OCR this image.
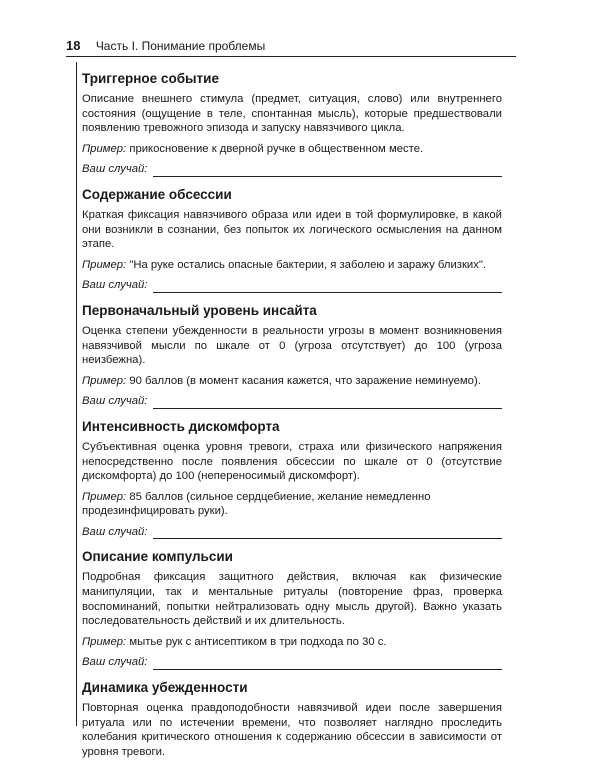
18 Часть I. Понимание проблемы
Триггерное событие
Описание внешнего стимула (предмет, ситуация, слово) или внутреннего состояния (ощущение в теле, спонтанная мысль), которые предшествовали появлению тревожного эпизода и запуску навязчивого цикла.
Пример: прикосновение к дверной ручке в общественном месте.
Ваш случай:
Содержание обсессии
Краткая фиксация навязчивого образа или идеи в той формулировке, в какой они возникли в сознании, без попыток их логического осмысления на данном этапе.
Пример: "На руке остались опасные бактерии, я заболею и заражу близких".
Ваш случай:
Первоначальный уровень инсайта
Оценка степени убежденности в реальности угрозы в момент возникновения навязчивой мысли по шкале от 0 (угроза отсутствует) до 100 (угроза неизбежна).
Пример: 90 баллов (в момент касания кажется, что заражение неминуемо).
Ваш случай:
Интенсивность дискомфорта
Субъективная оценка уровня тревоги, страха или физического напряжения непосредственно после появления обсессии по шкале от 0 (отсутствие дискомфорта) до 100 (непереносимый дискомфорт).
Пример: 85 баллов (сильное сердцебиение, желание немедленно продезинфицировать руки).
Ваш случай:
Описание компульсии
Подробная фиксация защитного действия, включая как физические манипуляции, так и ментальные ритуалы (повторение фраз, проверка воспоминаний, попытки нейтрализовать одну мысль другой). Важно указать последовательность действий и их длительность.
Пример: мытье рук с антисептиком в три подхода по 30 с.
Ваш случай:
Динамика убежденности
Повторная оценка правдоподобности навязчивой идеи после завершения ритуала или по истечении времени, что позволяет наглядно проследить колебания критического отношения к содержанию обсессии в зависимости от уровня тревоги.
